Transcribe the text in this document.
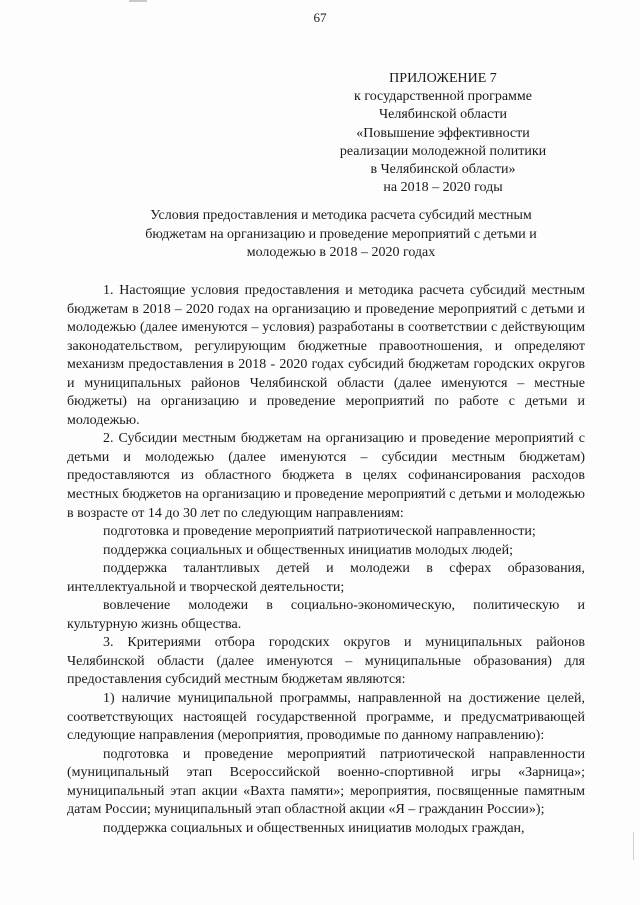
67
ПРИЛОЖЕНИЕ 7
к государственной программе
Челябинской области
«Повышение эффективности
реализации молодежной политики
в Челябинской области»
на 2018 – 2020 годы
Условия предоставления и методика расчета субсидий местным
бюджетам на организацию и проведение мероприятий с детьми и
молодежью в 2018 – 2020 годах

1. Настоящие условия предоставления и методика расчета субсидий местным бюджетам в 2018 – 2020 годах на организацию и проведение мероприятий с детьми и молодежью (далее именуются – условия) разработаны в соответствии с действующим законодательством, регулирующим бюджетные правоотношения, и определяют механизм предоставления в 2018 - 2020 годах субсидий бюджетам городских округов и муниципальных районов Челябинской области (далее именуются – местные бюджеты) на организацию и проведение мероприятий по работе с детьми и молодежью.

2. Субсидии местным бюджетам на организацию и проведение мероприятий с детьми и молодежью (далее именуются – субсидии местным бюджетам) предоставляются из областного бюджета в целях софинансирования расходов местных бюджетов на организацию и проведение мероприятий с детьми и молодежью в возрасте от 14 до 30 лет по следующим направлениям:

подготовка и проведение мероприятий патриотической направленности;

поддержка социальных и общественных инициатив молодых людей;

поддержка талантливых детей и молодежи в сферах образования, интеллектуальной и творческой деятельности;

вовлечение молодежи в социально-экономическую, политическую и культурную жизнь общества.

3. Критериями отбора городских округов и муниципальных районов Челябинской области (далее именуются – муниципальные образования) для предоставления субсидий местным бюджетам являются:

1) наличие муниципальной программы, направленной на достижение целей, соответствующих настоящей государственной программе, и предусматривающей следующие направления (мероприятия, проводимые по данному направлению):

подготовка и проведение мероприятий патриотической направленности (муниципальный этап Всероссийской военно-спортивной игры «Зарница»; муниципальный этап акции «Вахта памяти»; мероприятия, посвященные памятным датам России; муниципальный этап областной акции «Я – гражданин России»);

поддержка социальных и общественных инициатив молодых граждан,
